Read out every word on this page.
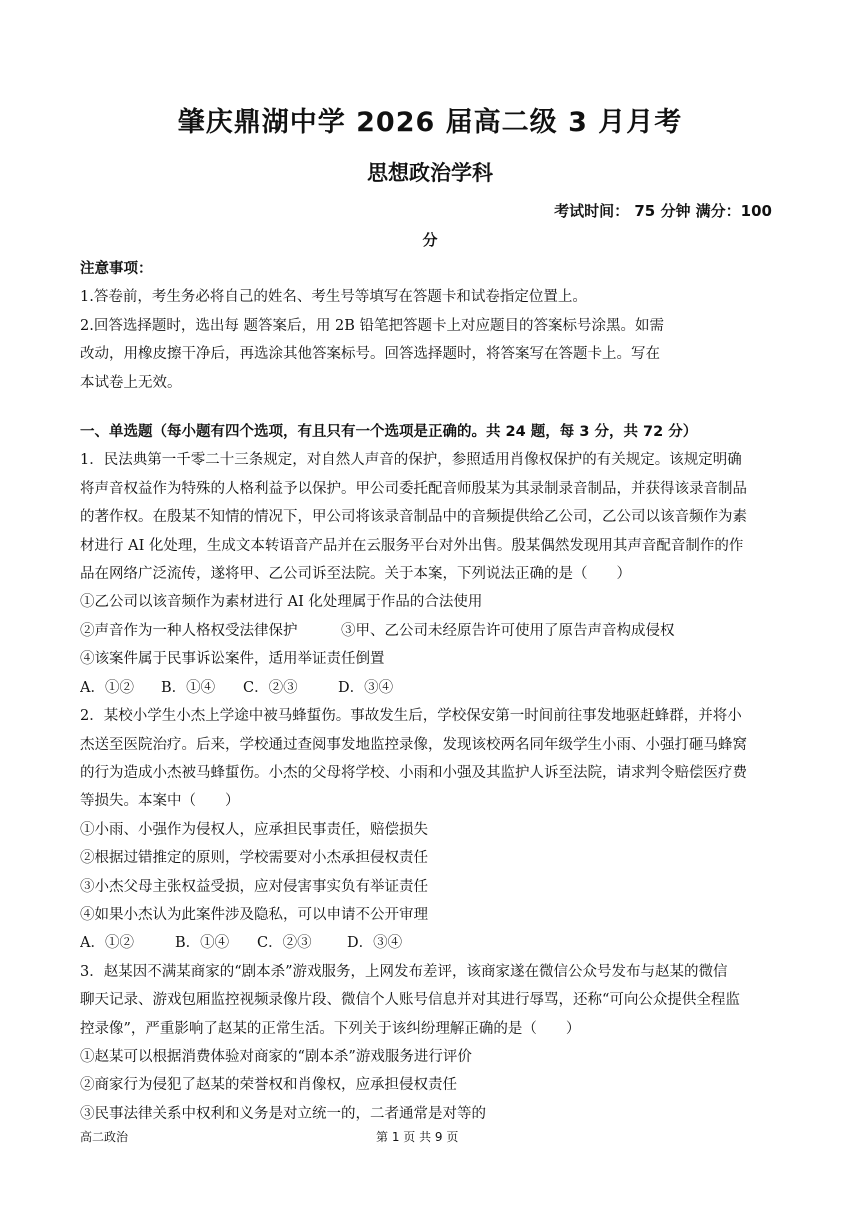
肇庆鼎湖中学 2026 届高二级 3 月月考
思想政治学科
考试时间： 75 分钟 满分：100
分
注意事项：
1.答卷前，考生务必将自己的姓名、考生号等填写在答题卡和试卷指定位置上。
2.回答选择题时，选出每 题答案后，用 2B 铅笔把答题卡上对应题目的答案标号涂黑。如需
改动，用橡皮擦干净后，再选涂其他答案标号。回答选择题时，将答案写在答题卡上。写在
本试卷上无效。
一、单选题（每小题有四个选项，有且只有一个选项是正确的。共 24 题，每 3 分，共 72 分）
1．民法典第一千零二十三条规定，对自然人声音的保护，参照适用肖像权保护的有关规定。该规定明确
将声音权益作为特殊的人格利益予以保护。甲公司委托配音师殷某为其录制录音制品，并获得该录音制品
的著作权。在殷某不知情的情况下，甲公司将该录音制品中的音频提供给乙公司，乙公司以该音频作为素
材进行 AI 化处理，生成文本转语音产品并在云服务平台对外出售。殷某偶然发现用其声音配音制作的作
品在网络广泛流传，遂将甲、乙公司诉至法院。关于本案，下列说法正确的是（　　）
①乙公司以该音频作为素材进行 AI 化处理属于作品的合法使用
②声音作为一种人格权受法律保护　　　③甲、乙公司未经原告许可使用了原告声音构成侵权
④该案件属于民事诉讼案件，适用举证责任倒置
A．①② B．①④ C．②③	D．③④
2．某校小学生小杰上学途中被马蜂蜇伤。事故发生后，学校保安第一时间前往事发地驱赶蜂群，并将小
杰送至医院治疗。后来，学校通过查阅事发地监控录像，发现该校两名同年级学生小雨、小强打砸马蜂窝
的行为造成小杰被马蜂蜇伤。小杰的父母将学校、小雨和小强及其监护人诉至法院，请求判令赔偿医疗费
等损失。本案中（　　）
①小雨、小强作为侵权人，应承担民事责任，赔偿损失
②根据过错推定的原则，学校需要对小杰承担侵权责任
③小杰父母主张权益受损，应对侵害事实负有举证责任
④如果小杰认为此案件涉及隐私，可以申请不公开审理
A．①②	B．①④ C．②③ D．③④
3．赵某因不满某商家的“剧本杀”游戏服务，上网发布差评，该商家遂在微信公众号发布与赵某的微信
聊天记录、游戏包厢监控视频录像片段、微信个人账号信息并对其进行辱骂，还称“可向公众提供全程监
控录像”，严重影响了赵某的正常生活。下列关于该纠纷理解正确的是（　　）
①赵某可以根据消费体验对商家的“剧本杀”游戏服务进行评价
②商家行为侵犯了赵某的荣誉权和肖像权，应承担侵权责任
③民事法律关系中权利和义务是对立统一的，二者通常是对等的
高二政治	第 1 页 共 9 页
